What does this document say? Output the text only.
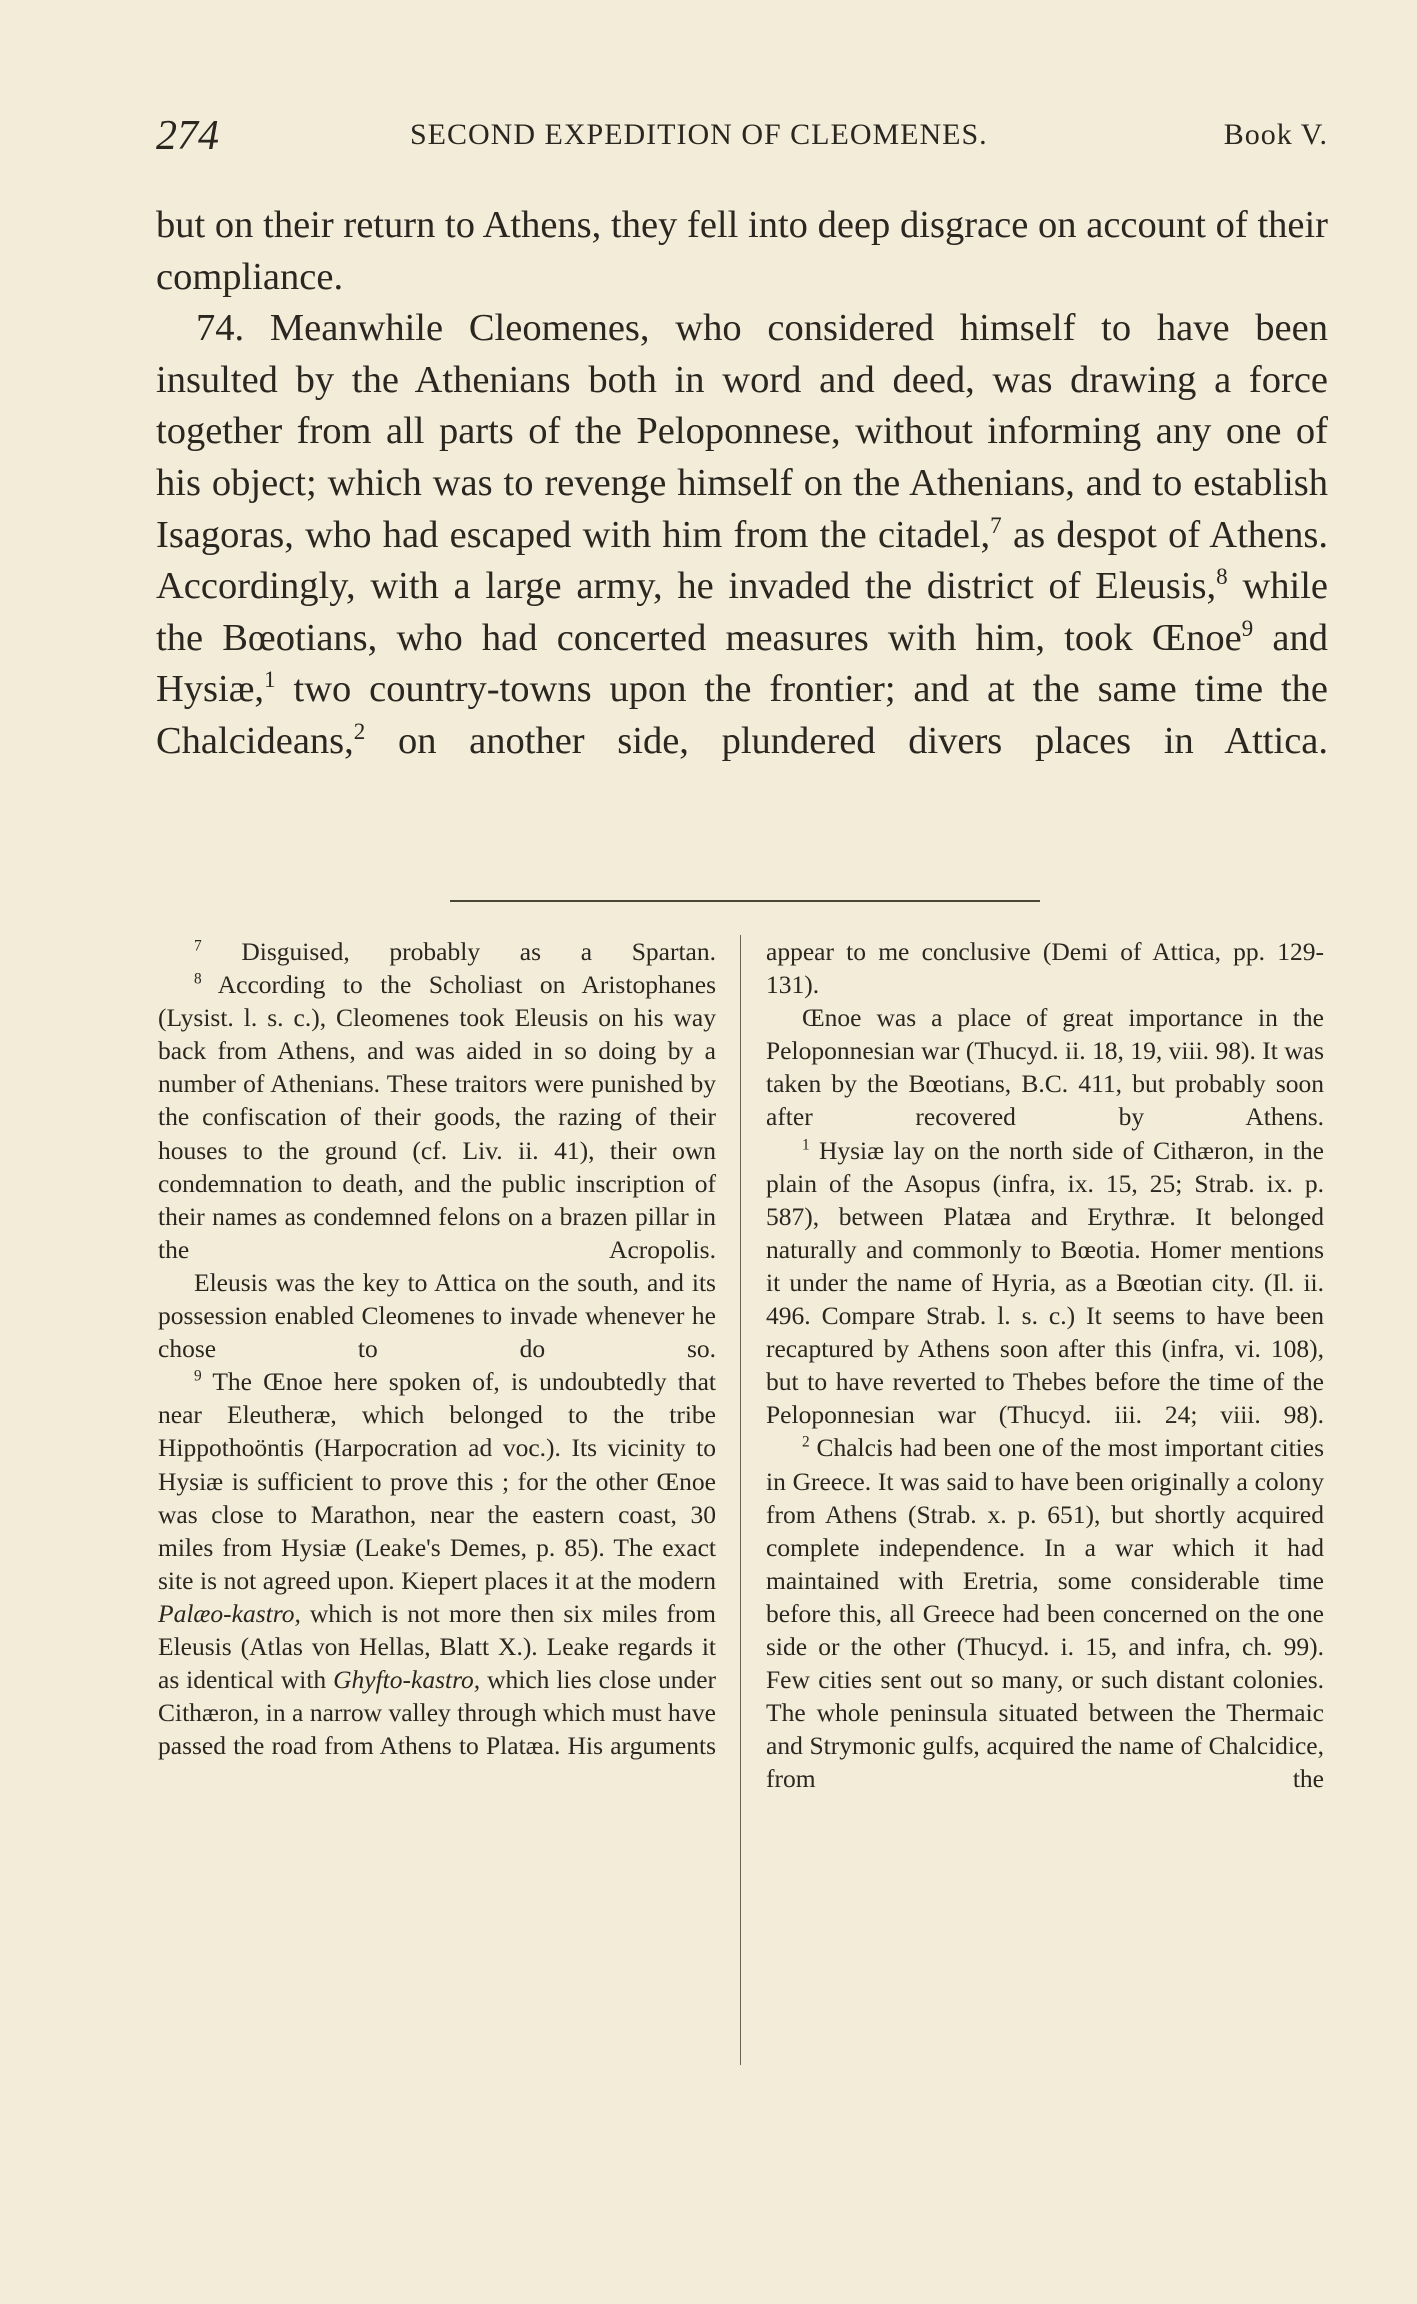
274	SECOND EXPEDITION OF CLEOMENES.	Book V.

but on their return to Athens, they fell into deep disgrace on account of their compliance.

74. Meanwhile Cleomenes, who considered himself to have been insulted by the Athenians both in word and deed, was drawing a force together from all parts of the Peloponnese, without informing any one of his object; which was to revenge himself on the Athenians, and to establish Isagoras, who had escaped with him from the citadel,$^7$ as despot of Athens. Accordingly, with a large army, he invaded the district of Eleusis,$^8$ while the Bœotians, who had concerted measures with him, took Œnoe$^9$ and Hysiæ,$^1$ two country-towns upon the frontier; and at the same time the Chalcideans,$^2$ on another side, plundered divers places in Attica.

$^7$ Disguised, probably as a Spartan.

$^8$ According to the Scholiast on Aristophanes (Lysist. l. s. c.), Cleomenes took Eleusis on his way back from Athens, and was aided in so doing by a number of Athenians. These traitors were punished by the confiscation of their goods, the razing of their houses to the ground (cf. Liv. ii. 41), their own condemnation to death, and the public inscription of their names as condemned felons on a brazen pillar in the Acropolis.

Eleusis was the key to Attica on the south, and its possession enabled Cleomenes to invade whenever he chose to do so.

$^9$ The Œnoe here spoken of, is undoubtedly that near Eleutheræ, which belonged to the tribe Hippothoöntis (Harpocration ad voc.). Its vicinity to Hysiæ is sufficient to prove this ; for the other Œnoe was close to Marathon, near the eastern coast, 30 miles from Hysiæ (Leake's Demes, p. 85). The exact site is not agreed upon. Kiepert places it at the modern Palæo-kastro, which is not more then six miles from Eleusis (Atlas von Hellas, Blatt X.). Leake regards it as identical with Ghyfto-kastro, which lies close under Cithæron, in a narrow valley through which must have passed the road from Athens to Platæa. His arguments

appear to me conclusive (Demi of Attica, pp. 129-131).

Œnoe was a place of great importance in the Peloponnesian war (Thucyd. ii. 18, 19, viii. 98). It was taken by the Bœotians, B.C. 411, but probably soon after recovered by Athens.

$^1$ Hysiæ lay on the north side of Cithæron, in the plain of the Asopus (infra, ix. 15, 25; Strab. ix. p. 587), between Platæa and Erythræ. It belonged naturally and commonly to Bœotia. Homer mentions it under the name of Hyria, as a Bœotian city. (Il. ii. 496. Compare Strab. l. s. c.) It seems to have been recaptured by Athens soon after this (infra, vi. 108), but to have reverted to Thebes before the time of the Peloponnesian war (Thucyd. iii. 24; viii. 98).

$^2$ Chalcis had been one of the most important cities in Greece. It was said to have been originally a colony from Athens (Strab. x. p. 651), but shortly acquired complete independence. In a war which it had maintained with Eretria, some considerable time before this, all Greece had been concerned on the one side or the other (Thucyd. i. 15, and infra, ch. 99). Few cities sent out so many, or such distant colonies. The whole peninsula situated between the Thermaic and Strymonic gulfs, acquired the name of Chalcidice, from the
